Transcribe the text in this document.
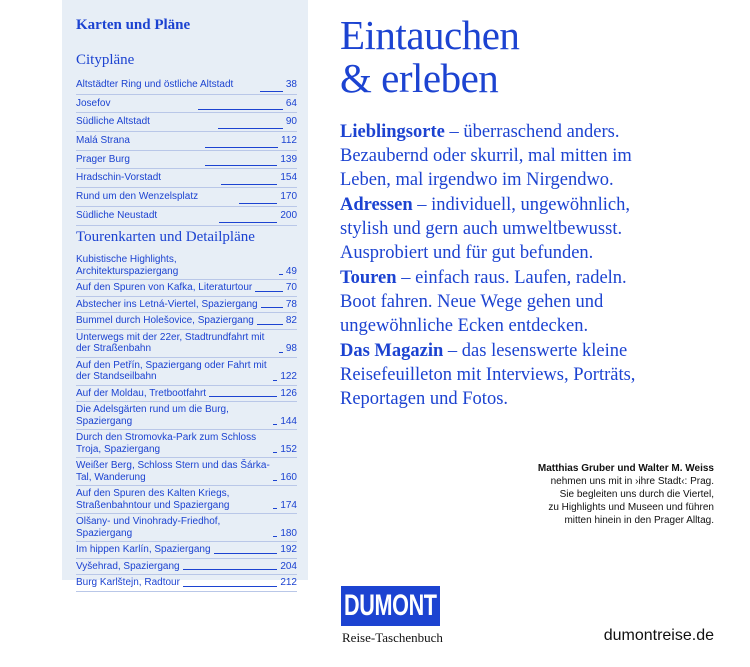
Karten und Pläne
Citypläne
Altstädter Ring und östliche Altstadt	38
Josefov	64
Südliche Altstadt	90
Malá Strana	112
Prager Burg	139
Hradschin-Vorstadt	154
Rund um den Wenzelsplatz	170
Südliche Neustadt	200
Tourenkarten und Detailpläne
Kubistische Highlights, Architekturspaziergang	49
Auf den Spuren von Kafka, Literaturtour	70
Abstecher ins Letná-Viertel, Spaziergang	78
Bummel durch Holešovice, Spaziergang	82
Unterwegs mit der 22er, Stadtrundfahrt mit der Straßenbahn	98
Auf den Petřín, Spaziergang oder Fahrt mit der Standseilbahn	122
Auf der Moldau, Tretbootfahrt	126
Die Adelsgärten rund um die Burg, Spaziergang	144
Durch den Stromovka-Park zum Schloss Troja, Spaziergang	152
Weißer Berg, Schloss Stern und das Šárka-Tal, Wanderung	160
Auf den Spuren des Kalten Kriegs, Straßenbahntour und Spaziergang	174
Olšany- und Vinohrady-Friedhof, Spaziergang	180
Im hippen Karlín, Spaziergang	192
Vyšehrad, Spaziergang	204
Burg Karlštejn, Radtour	212
Eintauchen
& erleben
Lieblingsorte – überraschend anders. Bezaubernd oder skurril, mal mitten im Leben, mal irgendwo im Nirgendwo.
Adressen – individuell, ungewöhnlich, stylish und gern auch umweltbewusst. Ausprobiert und für gut befunden.
Touren – einfach raus. Laufen, radeln. Boot fahren. Neue Wege gehen und ungewöhnliche Ecken entdecken.
Das Magazin – das lesenswerte kleine Reisefeuilleton mit Interviews, Porträts, Reportagen und Fotos.
Matthias Gruber und Walter M. Weiss
nehmen uns mit in ›ihre Stadt‹: Prag.
Sie begleiten uns durch die Viertel,
zu Highlights und Museen und führen
mitten hinein in den Prager Alltag.
DUMONT
Reise-Taschenbuch	dumontreise.de
